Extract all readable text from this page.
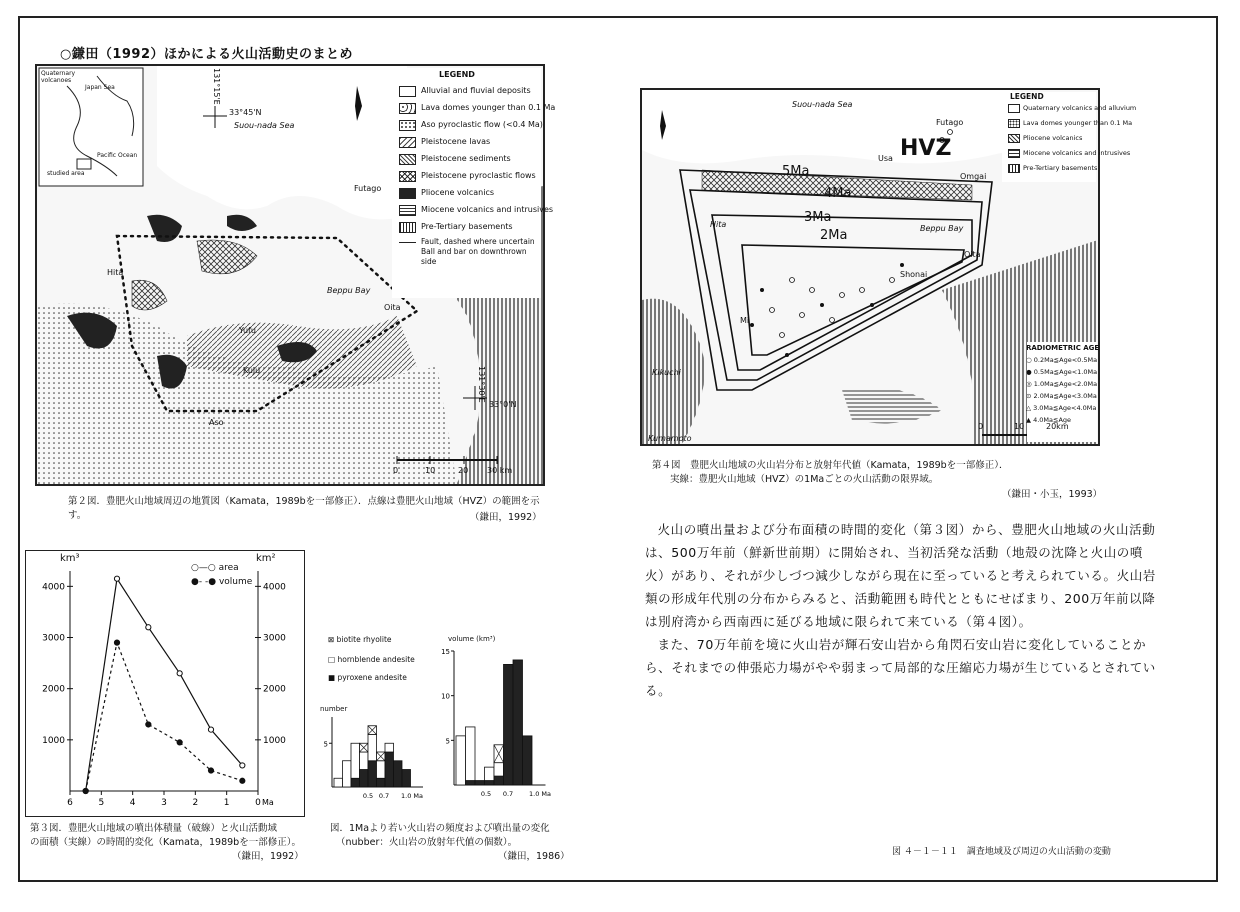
○鎌田（1992）ほかによる火山活動史のまとめ
131°15'E
33°45'N
Suou-nada Sea
Beppu Bay
Oita
Hita
Futago
Yufu
Kuju
Aso
131°30'E
33°0'N
Quaternary volcanoes
Japan Sea
Pacific Ocean
studied area
0	10	20 30 km
LEGEND
Alluvial and fluvial deposits
Lava domes younger than 0.1 Ma
Aso pyroclastic flow (<0.4 Ma)
Pleistocene lavas
Pleistocene sediments
Pleistocene pyroclastic flows
Pliocene volcanics
Miocene volcanics and intrusives
Pre-Tertiary basements
Fault, dashed where uncertain Ball and bar on downthrown side
第２図．豊肥火山地域周辺の地質図（Kamata，1989bを一部修正）．点線は豊肥火山地域（HVZ）の範囲を示す。	（鎌田，1992）
Suou-nada Sea
HVZ
Futago
Usa
Omgai
5Ma
4Ma
3Ma
2Ma
Hita	Beppu Bay
Oita
Shonai
Mi
Kikuchi
Kumamoto
0	10	20km
LEGEND
Quaternary volcanics and alluvium
Lava domes younger than 0.1 Ma
Pliocene volcanics
Miocene volcanics and intrusives
Pre-Tertiary basements
RADIOMETRIC AGE
○ 0.2Ma≦Age<0.5Ma
● 0.5Ma≦Age<1.0Ma
◎ 1.0Ma≦Age<2.0Ma
⊙ 2.0Ma≦Age<3.0Ma
△ 3.0Ma≦Age<4.0Ma
▲ 4.0Ma≦Age
第４図　豊肥火山地域の火山岩分布と放射年代値（Kamata，1989bを一部修正）．
実線：豊肥火山地域（HVZ）の1Maごとの火山活動の限界域。
（鎌田・小玉，1993）

火山の噴出量および分布面積の時間的変化（第３図）から、豊肥火山地域の火山活動は、500万年前（鮮新世前期）に開始され、当初活発な活動（地殻の沈降と火山の噴火）があり、それが少しづつ減少しながら現在に至っていると考えられている。火山岩類の形成年代別の分布からみると、活動範囲も時代とともにせばまり、200万年前以降は別府湾から西南西に延びる地域に限られて来ている（第４図）。

また、70万年前を境に火山岩が輝石安山岩から角閃石安山岩に変化していることから、それまでの伸張応力場がやや弱まって局部的な圧縮応力場が生じているとされている。

1000
2000
3000
4000
1000
2000
3000
4000
6	5	4	3	2	1	0 Ma
km³	km²
○—○ area
●- -● volume
第３図．豊肥火山地域の噴出体積量（破線）と火山活動域
の面積（実線）の時間的変化（Kamata，1989bを一部修正）。
（鎌田，1992）
⊠ biotite rhyolite
□ hornblende andesite
■ pyroxene andesite
number
volume (km³)
5
0.5 0.7 1.0 Ma
5
10
15
0.5 0.7 1.0 Ma
図．1Maより若い火山岩の頻度および噴出量の変化
（nubber：火山岩の放射年代値の個数）。
（鎌田，1986）	図 ４－１－１１　調査地域及び周辺の火山活動の変動
